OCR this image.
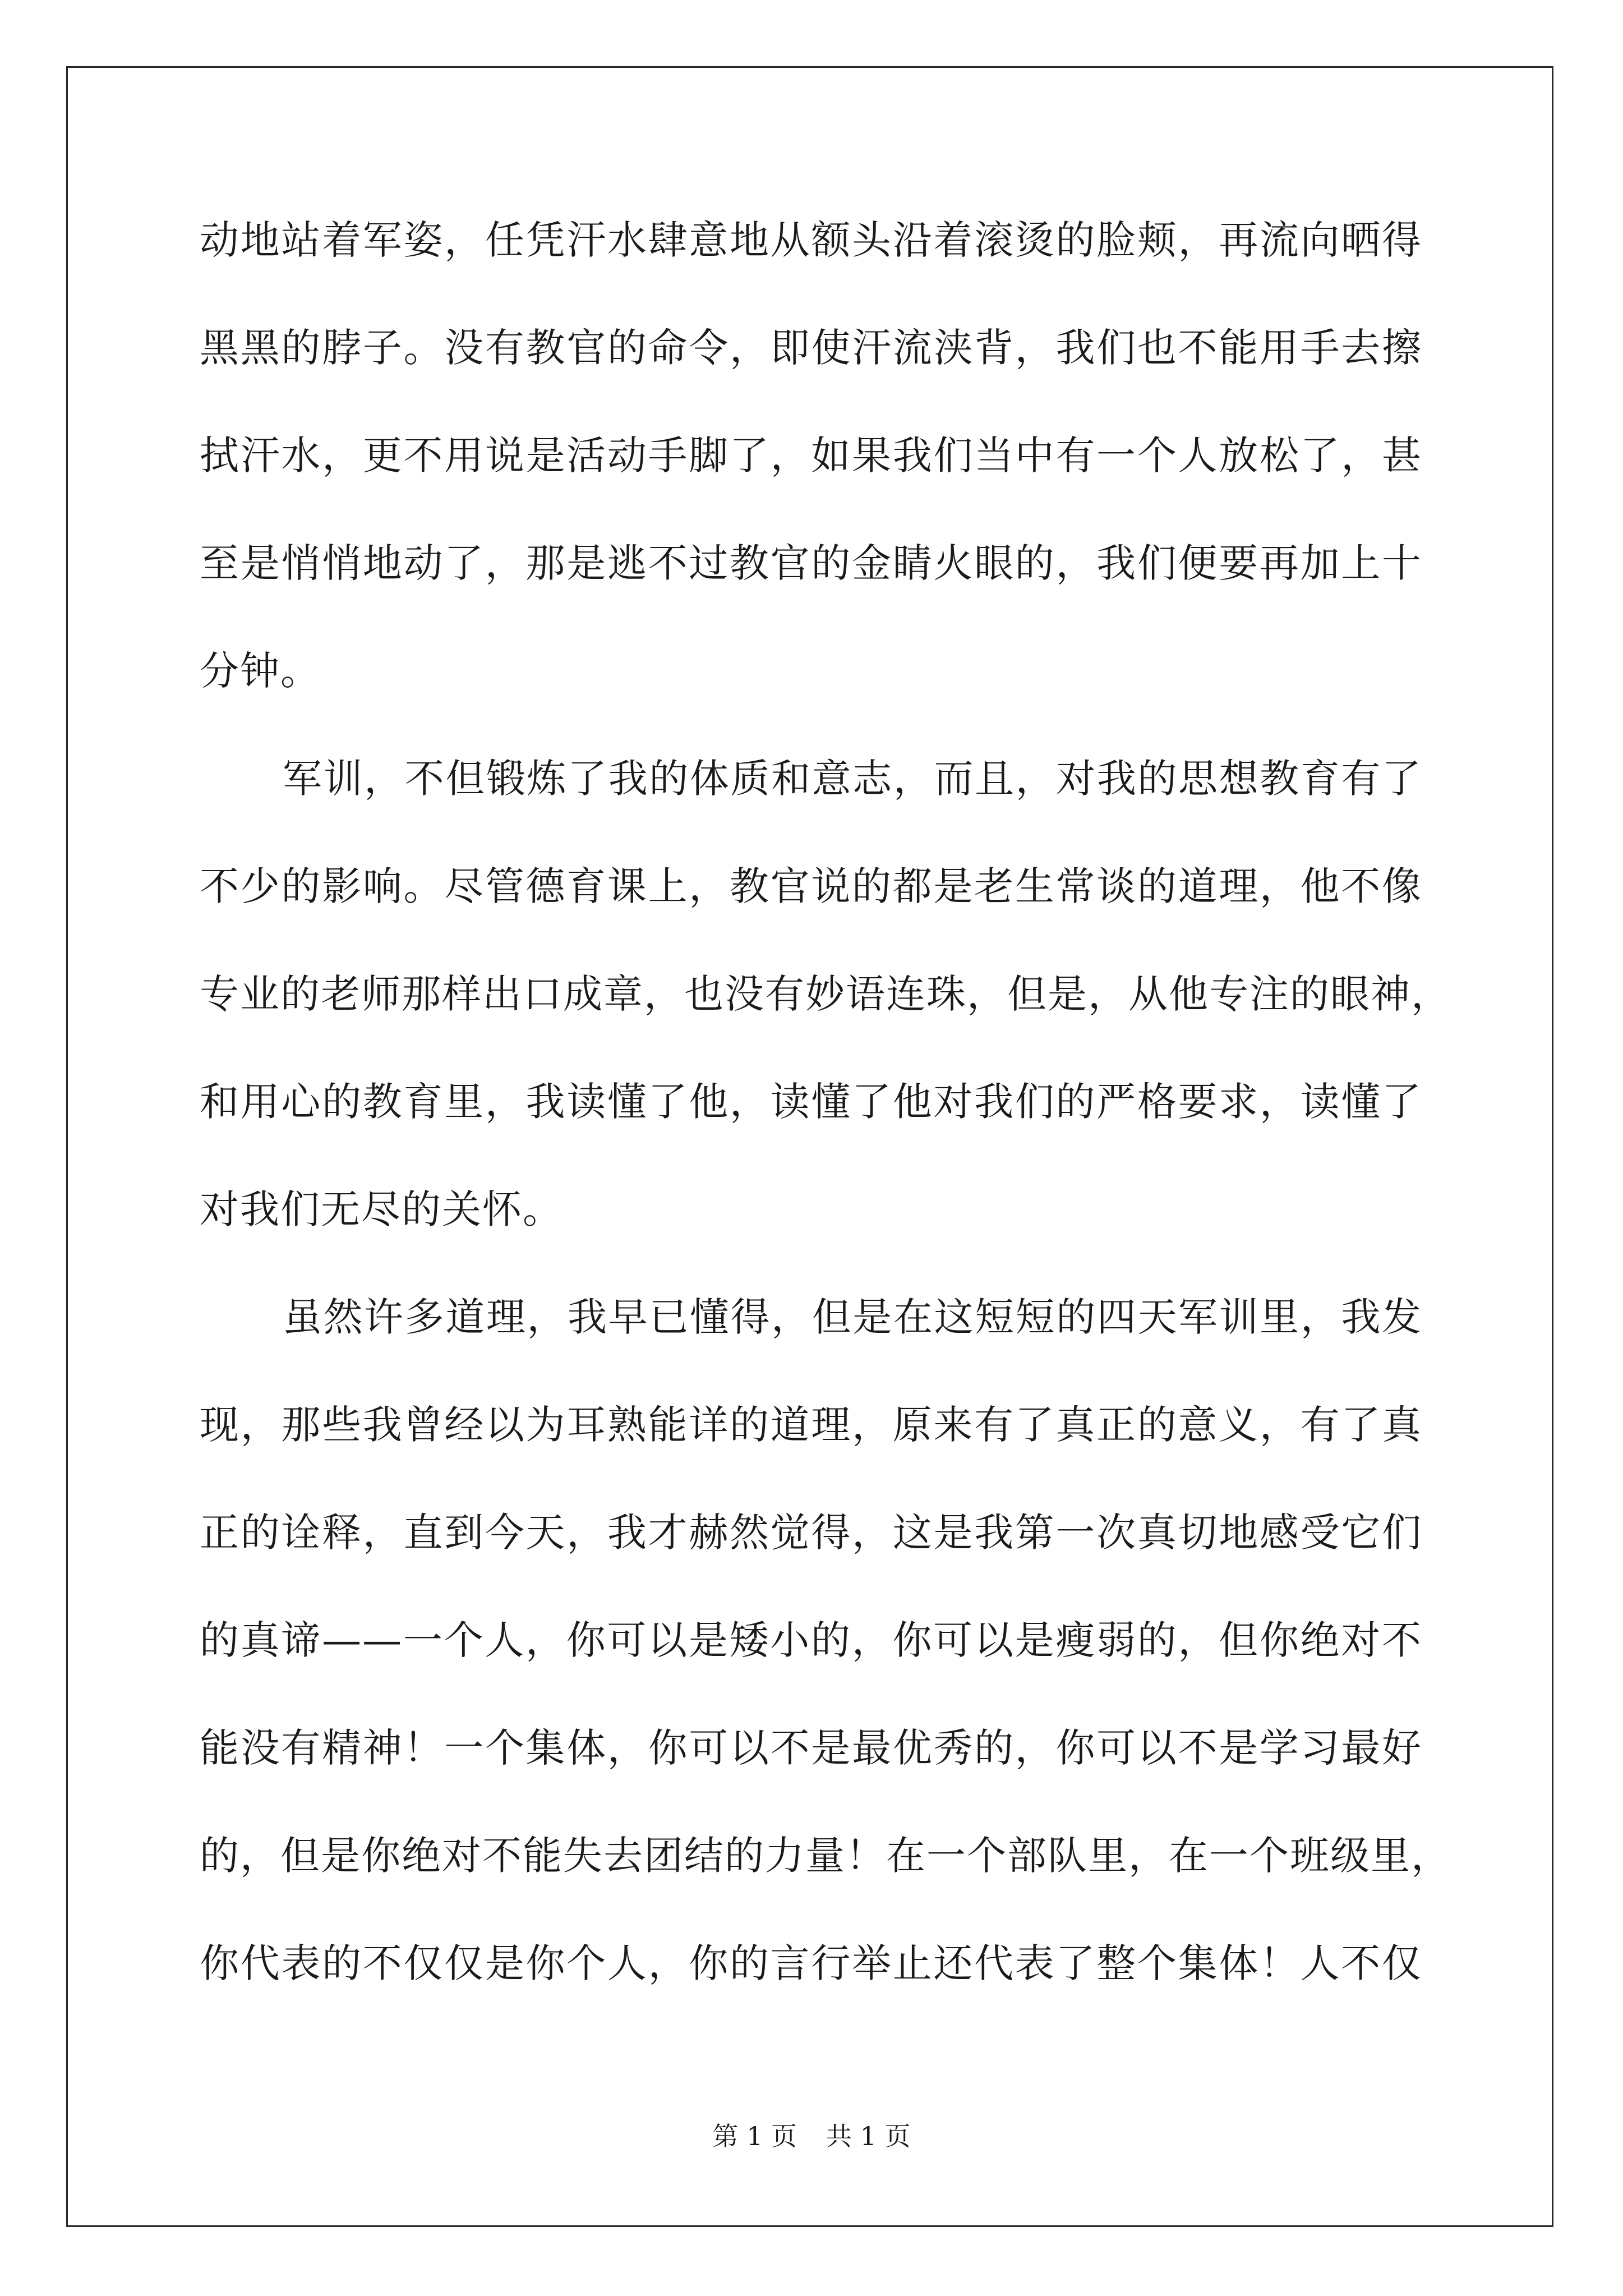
动地站着军姿，任凭汗水肆意地从额头沿着滚烫的脸颊，再流向晒得
黑黑的脖子。没有教官的命令，即使汗流浃背，我们也不能用手去擦
拭汗水，更不用说是活动手脚了，如果我们当中有一个人放松了，甚
至是悄悄地动了，那是逃不过教官的金睛火眼的，我们便要再加上十
分钟。
军训，不但锻炼了我的体质和意志，而且，对我的思想教育有了
不少的影响。尽管德育课上，教官说的都是老生常谈的道理，他不像
专业的老师那样出口成章，也没有妙语连珠，但是，从他专注的眼神，
和用心的教育里，我读懂了他，读懂了他对我们的严格要求，读懂了
对我们无尽的关怀。
虽然许多道理，我早已懂得，但是在这短短的四天军训里，我发
现，那些我曾经以为耳熟能详的道理，原来有了真正的意义，有了真
正的诠释，直到今天，我才赫然觉得，这是我第一次真切地感受它们
的真谛——一个人，你可以是矮小的，你可以是瘦弱的，但你绝对不
能没有精神！一个集体，你可以不是最优秀的，你可以不是学习最好
的，但是你绝对不能失去团结的力量！在一个部队里，在一个班级里，
你代表的不仅仅是你个人，你的言行举止还代表了整个集体！人不仅
第 1 页 共 1 页
